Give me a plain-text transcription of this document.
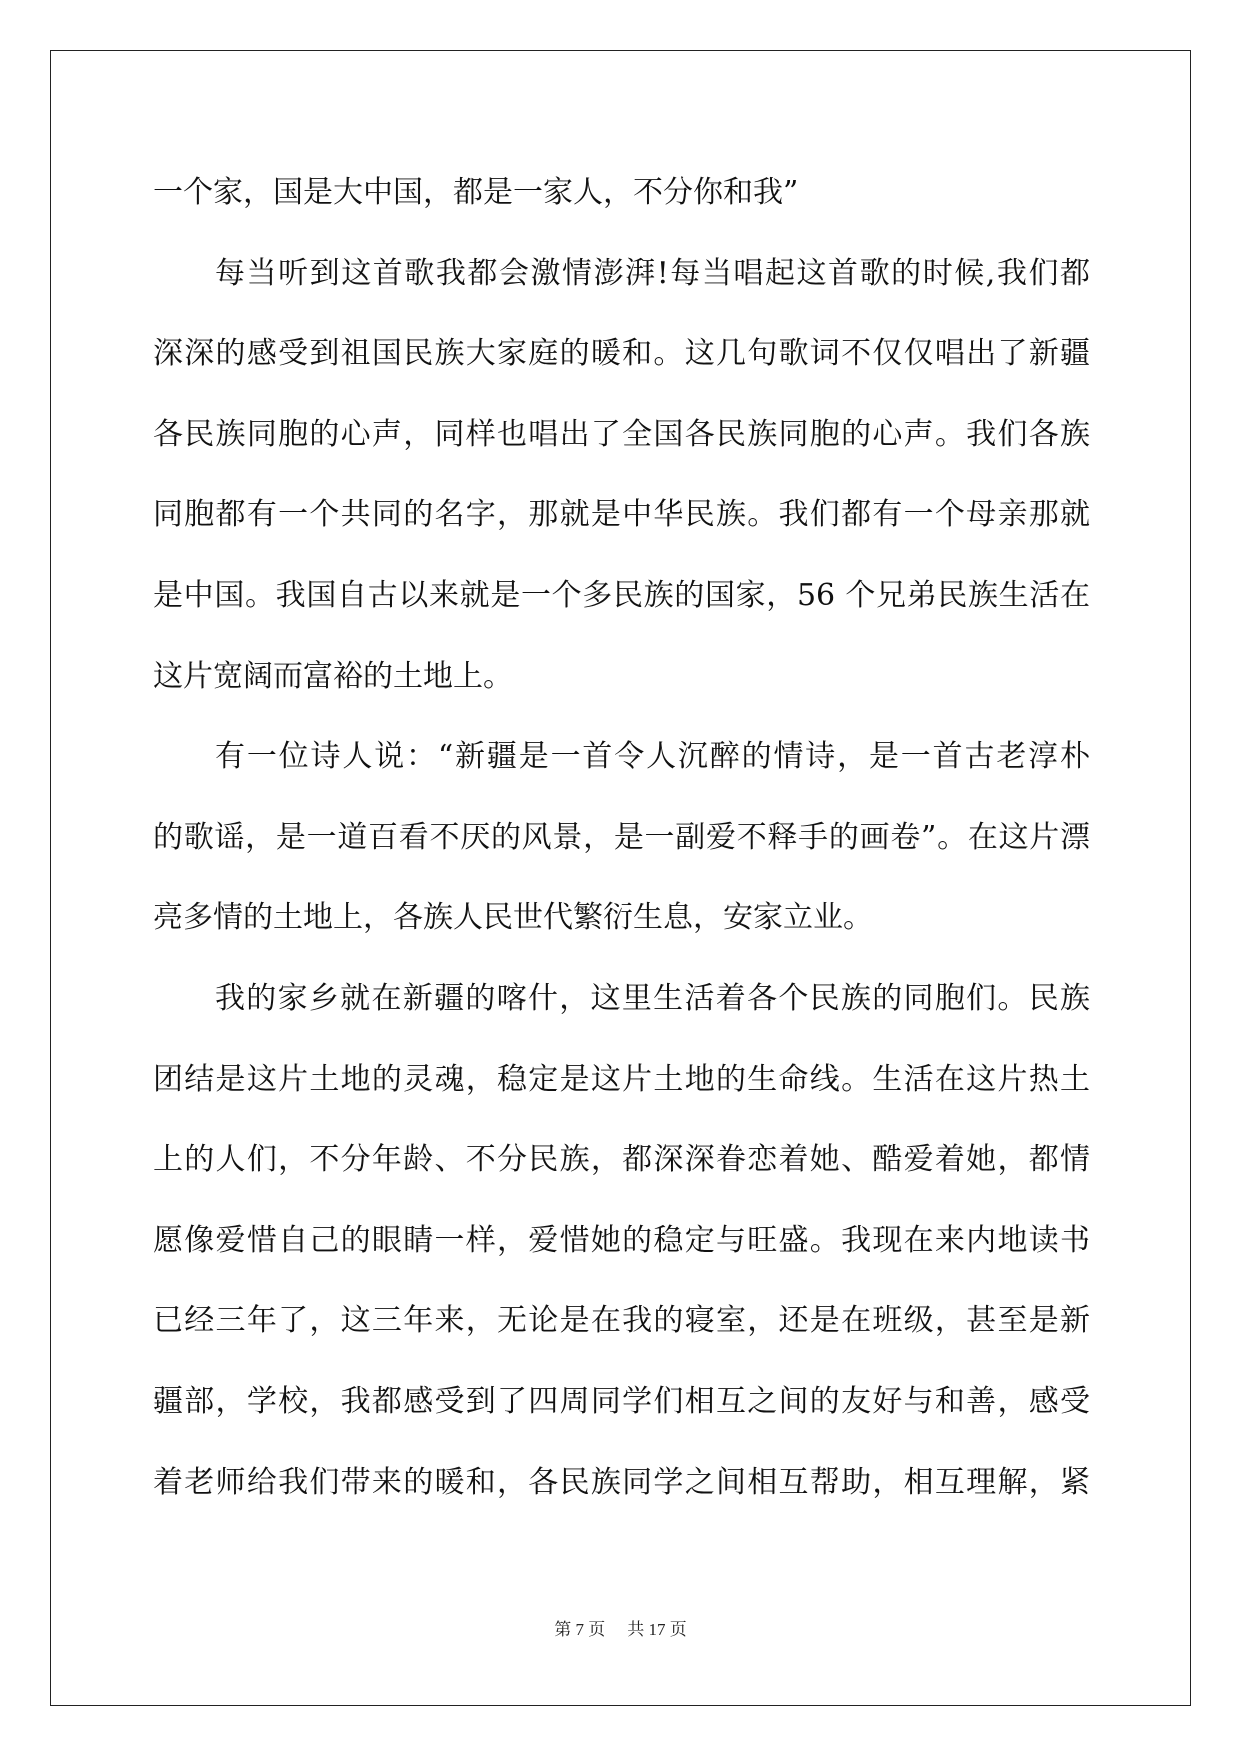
一个家，国是大中国，都是一家人，不分你和我”
每当听到这首歌我都会激情澎湃!每当唱起这首歌的时候,我们都
深深的感受到祖国民族大家庭的暖和。这几句歌词不仅仅唱出了新疆
各民族同胞的心声，同样也唱出了全国各民族同胞的心声。我们各族
同胞都有一个共同的名字，那就是中华民族。我们都有一个母亲那就
是中国。我国自古以来就是一个多民族的国家，56 个兄弟民族生活在
这片宽阔而富裕的土地上。
有一位诗人说：“新疆是一首令人沉醉的情诗，是一首古老淳朴
的歌谣，是一道百看不厌的风景，是一副爱不释手的画卷”。在这片漂
亮多情的土地上，各族人民世代繁衍生息，安家立业。
我的家乡就在新疆的喀什，这里生活着各个民族的同胞们。民族
团结是这片土地的灵魂，稳定是这片土地的生命线。生活在这片热土
上的人们，不分年龄、不分民族，都深深眷恋着她、酷爱着她，都情
愿像爱惜自己的眼睛一样，爱惜她的稳定与旺盛。我现在来内地读书
已经三年了，这三年来，无论是在我的寝室，还是在班级，甚至是新
疆部，学校，我都感受到了四周同学们相互之间的友好与和善，感受
着老师给我们带来的暖和，各民族同学之间相互帮助，相互理解，紧
第 7 页 共 17 页
